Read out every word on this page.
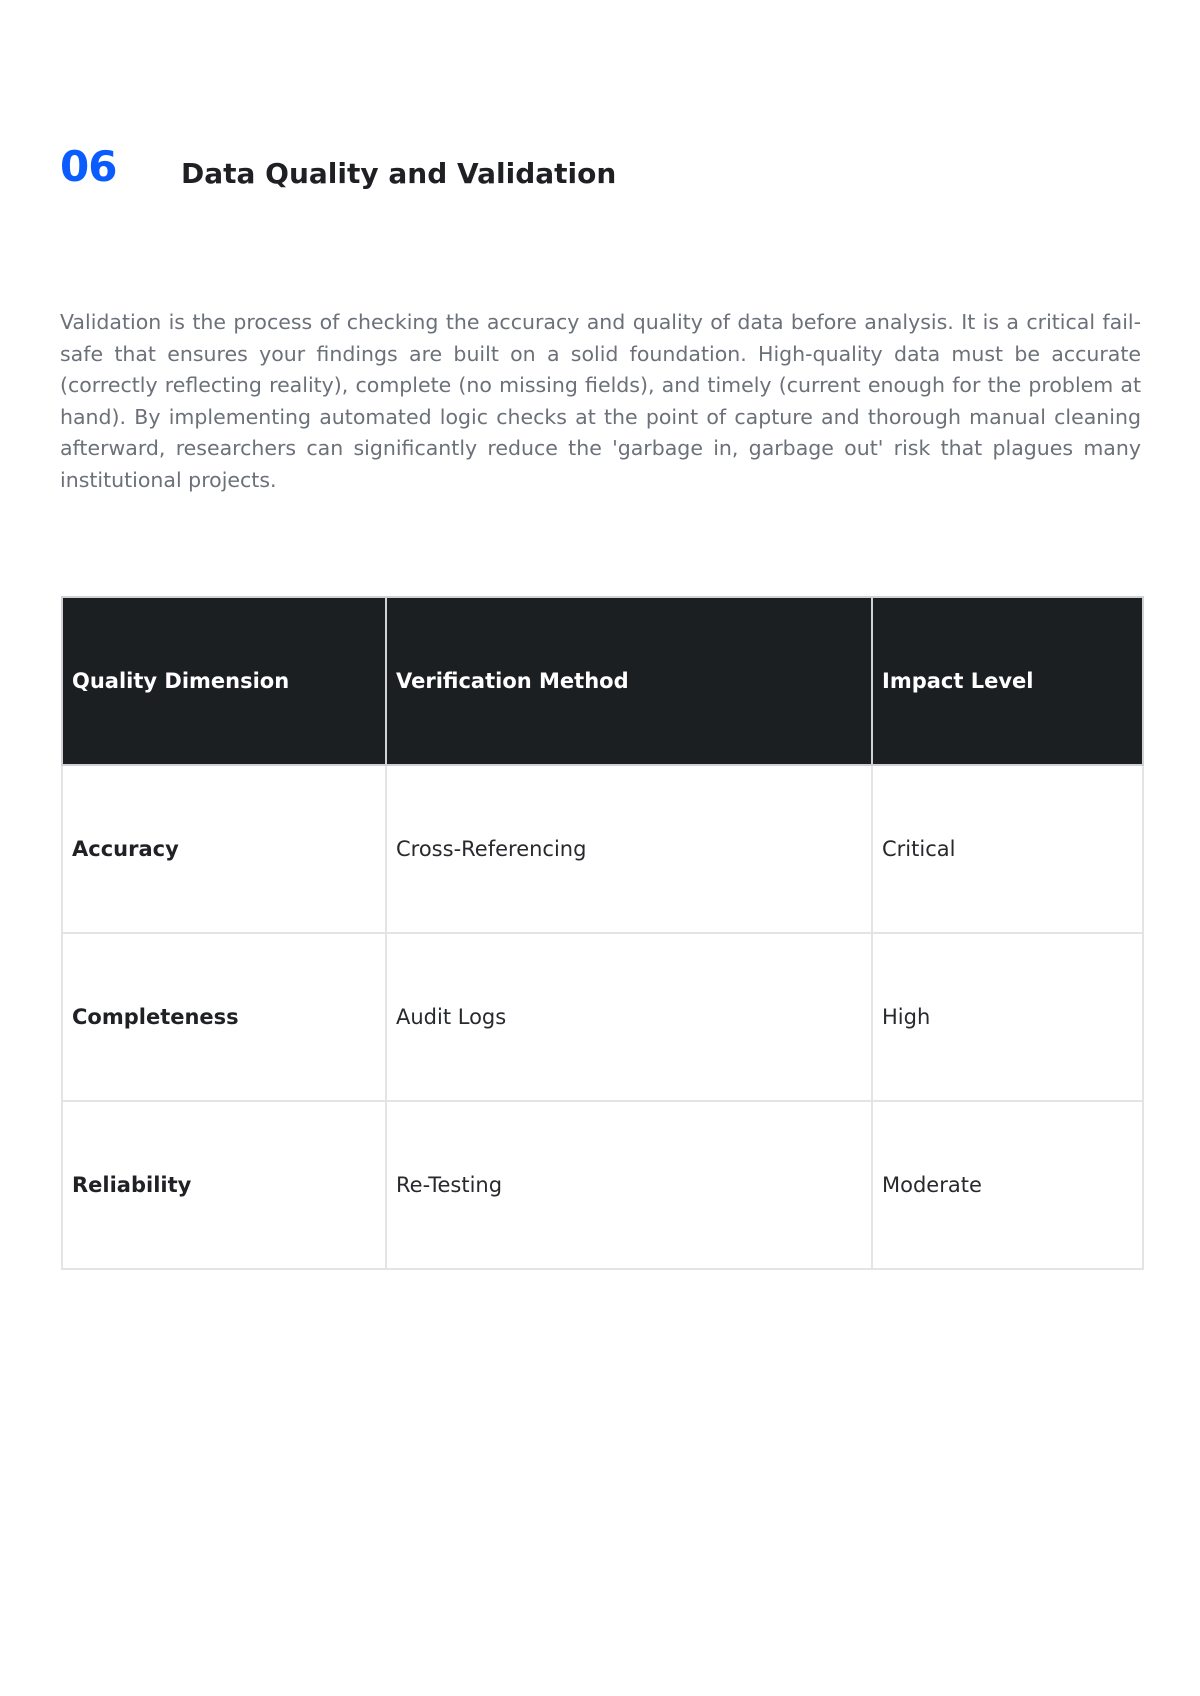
06 Data Quality and Validation

Validation is the process of checking the accuracy and quality of data before analysis. It is a critical fail-safe that ensures your findings are built on a solid foundation. High-quality data must be accurate (correctly reflecting reality), complete (no missing fields), and timely (current enough for the problem at hand). By implementing automated logic checks at the point of capture and thorough manual cleaning afterward, researchers can significantly reduce the 'garbage in, garbage out' risk that plagues many institutional projects.

Quality Dimension	Verification Method	Impact Level
Accuracy	Cross-Referencing	Critical
Completeness	Audit Logs	High
Reliability	Re-Testing	Moderate
